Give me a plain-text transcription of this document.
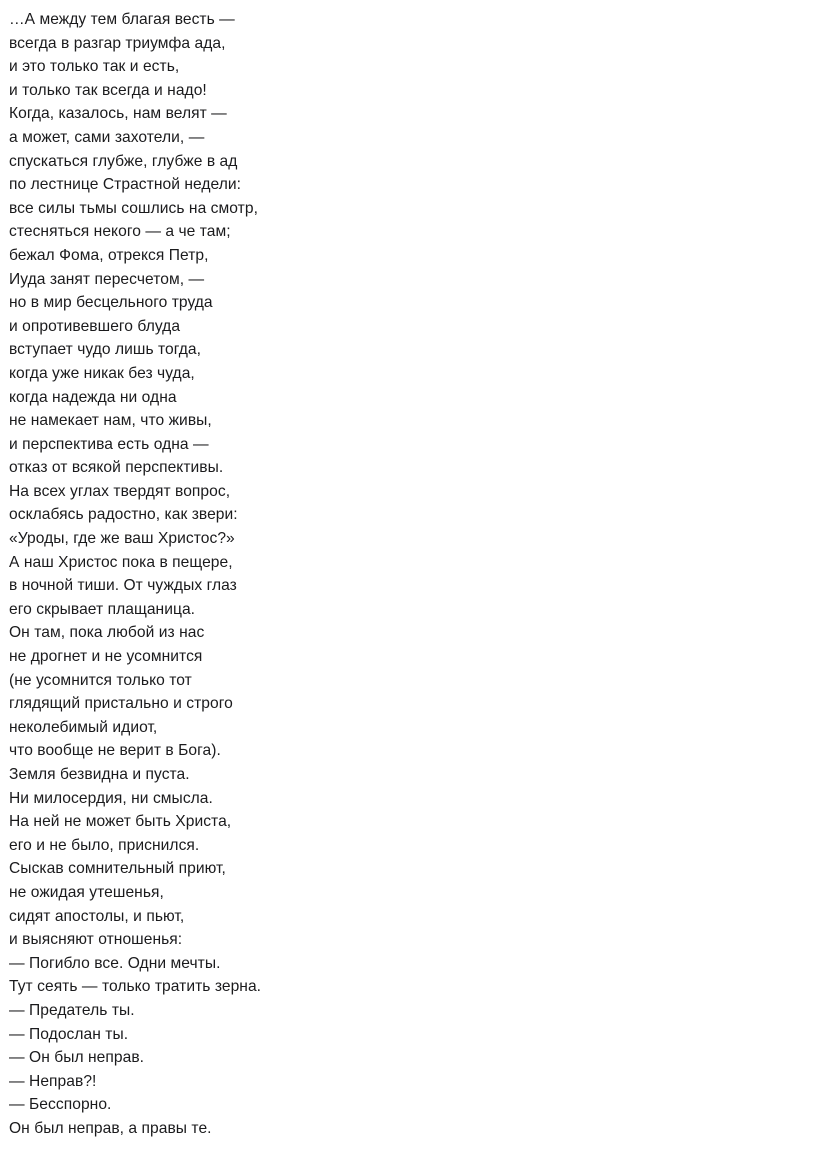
…А между тем благая весть —
всегда в разгар триумфа ада,
и это только так и есть,
и только так всегда и надо!
Когда, казалось, нам велят —
а может, сами захотели, —
спускаться глубже, глубже в ад
по лестнице Страстной недели:
все силы тьмы сошлись на смотр,
стесняться некого — а че там;
бежал Фома, отрекся Петр,
Иуда занят пересчетом, —
но в мир бесцельного труда
и опротивевшего блуда
вступает чудо лишь тогда,
когда уже никак без чуда,
когда надежда ни одна
не намекает нам, что живы,
и перспектива есть одна —
отказ от всякой перспективы.
На всех углах твердят вопрос,
осклабясь радостно, как звери:
«Уроды, где же ваш Христос?»
А наш Христос пока в пещере,
в ночной тиши. От чуждых глаз
его скрывает плащаница.
Он там, пока любой из нас
не дрогнет и не усомнится
(не усомнится только тот
глядящий пристально и строго
неколебимый идиот,
что вообще не верит в Бога).
Земля безвидна и пуста.
Ни милосердия, ни смысла.
На ней не может быть Христа,
его и не было, приснился.
Сыскав сомнительный приют,
не ожидая утешенья,
сидят апостолы, и пьют,
и выясняют отношенья:
— Погибло все. Одни мечты.
Тут сеять — только тратить зерна.
— Предатель ты.
— Подослан ты.
— Он был неправ.
— Неправ?!
— Бесспорно.
Он был неправ, а правы те.
